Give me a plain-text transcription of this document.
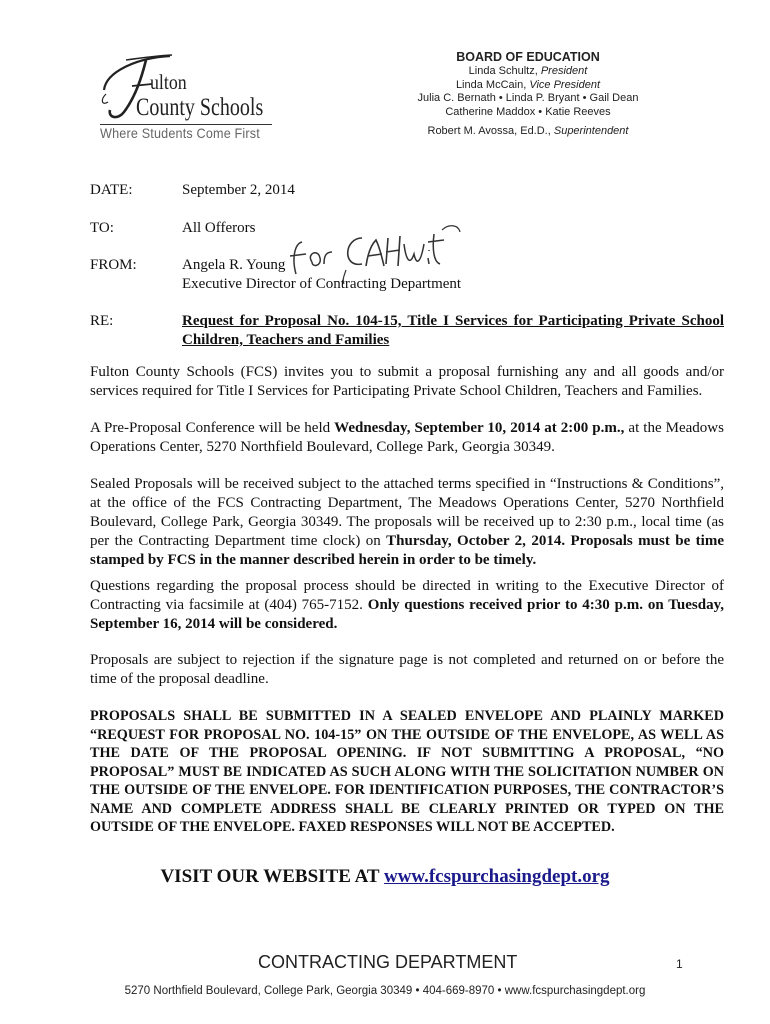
ulton
County Schools
Where Students Come First
BOARD OF EDUCATION
Linda Schultz, President
Linda McCain, Vice President
Julia C. Bernath • Linda P. Bryant • Gail Dean
Catherine Maddox • Katie Reeves
Robert M. Avossa, Ed.D., Superintendent
DATE:	September 2, 2014
TO:	All Offerors
FROM:	Angela R. Young
Executive Director of Contracting Department
RE:	Request for Proposal No. 104-15, Title I Services for Participating Private School Children, Teachers and Families
Fulton County Schools (FCS) invites you to submit a proposal furnishing any and all goods and/or services required for Title I Services for Participating Private School Children, Teachers and Families.
A Pre-Proposal Conference will be held Wednesday, September 10, 2014 at 2:00 p.m., at the Meadows Operations Center, 5270 Northfield Boulevard, College Park, Georgia 30349.
Sealed Proposals will be received subject to the attached terms specified in “Instructions & Conditions”, at the office of the FCS Contracting Department, The Meadows Operations Center, 5270 Northfield Boulevard, College Park, Georgia 30349. The proposals will be received up to 2:30 p.m., local time (as per the Contracting Department time clock) on Thursday, October 2, 2014. Proposals must be time stamped by FCS in the manner described herein in order to be timely.
Questions regarding the proposal process should be directed in writing to the Executive Director of Contracting via facsimile at (404) 765-7152. Only questions received prior to 4:30 p.m. on Tuesday, September 16, 2014 will be considered.
Proposals are subject to rejection if the signature page is not completed and returned on or before the time of the proposal deadline.
PROPOSALS SHALL BE SUBMITTED IN A SEALED ENVELOPE AND PLAINLY MARKED “REQUEST FOR PROPOSAL NO. 104-15” ON THE OUTSIDE OF THE ENVELOPE, AS WELL AS THE DATE OF THE PROPOSAL OPENING. IF NOT SUBMITTING A PROPOSAL, “NO PROPOSAL” MUST BE INDICATED AS SUCH ALONG WITH THE SOLICITATION NUMBER ON THE OUTSIDE OF THE ENVELOPE. FOR IDENTIFICATION PURPOSES, THE CONTRACTOR’S NAME AND COMPLETE ADDRESS SHALL BE CLEARLY PRINTED OR TYPED ON THE OUTSIDE OF THE ENVELOPE. FAXED RESPONSES WILL NOT BE ACCEPTED.
VISIT OUR WEBSITE AT www.fcspurchasingdept.org
CONTRACTING DEPARTMENT	1
5270 Northfield Boulevard, College Park, Georgia 30349 • 404-669-8970 • www.fcspurchasingdept.org
